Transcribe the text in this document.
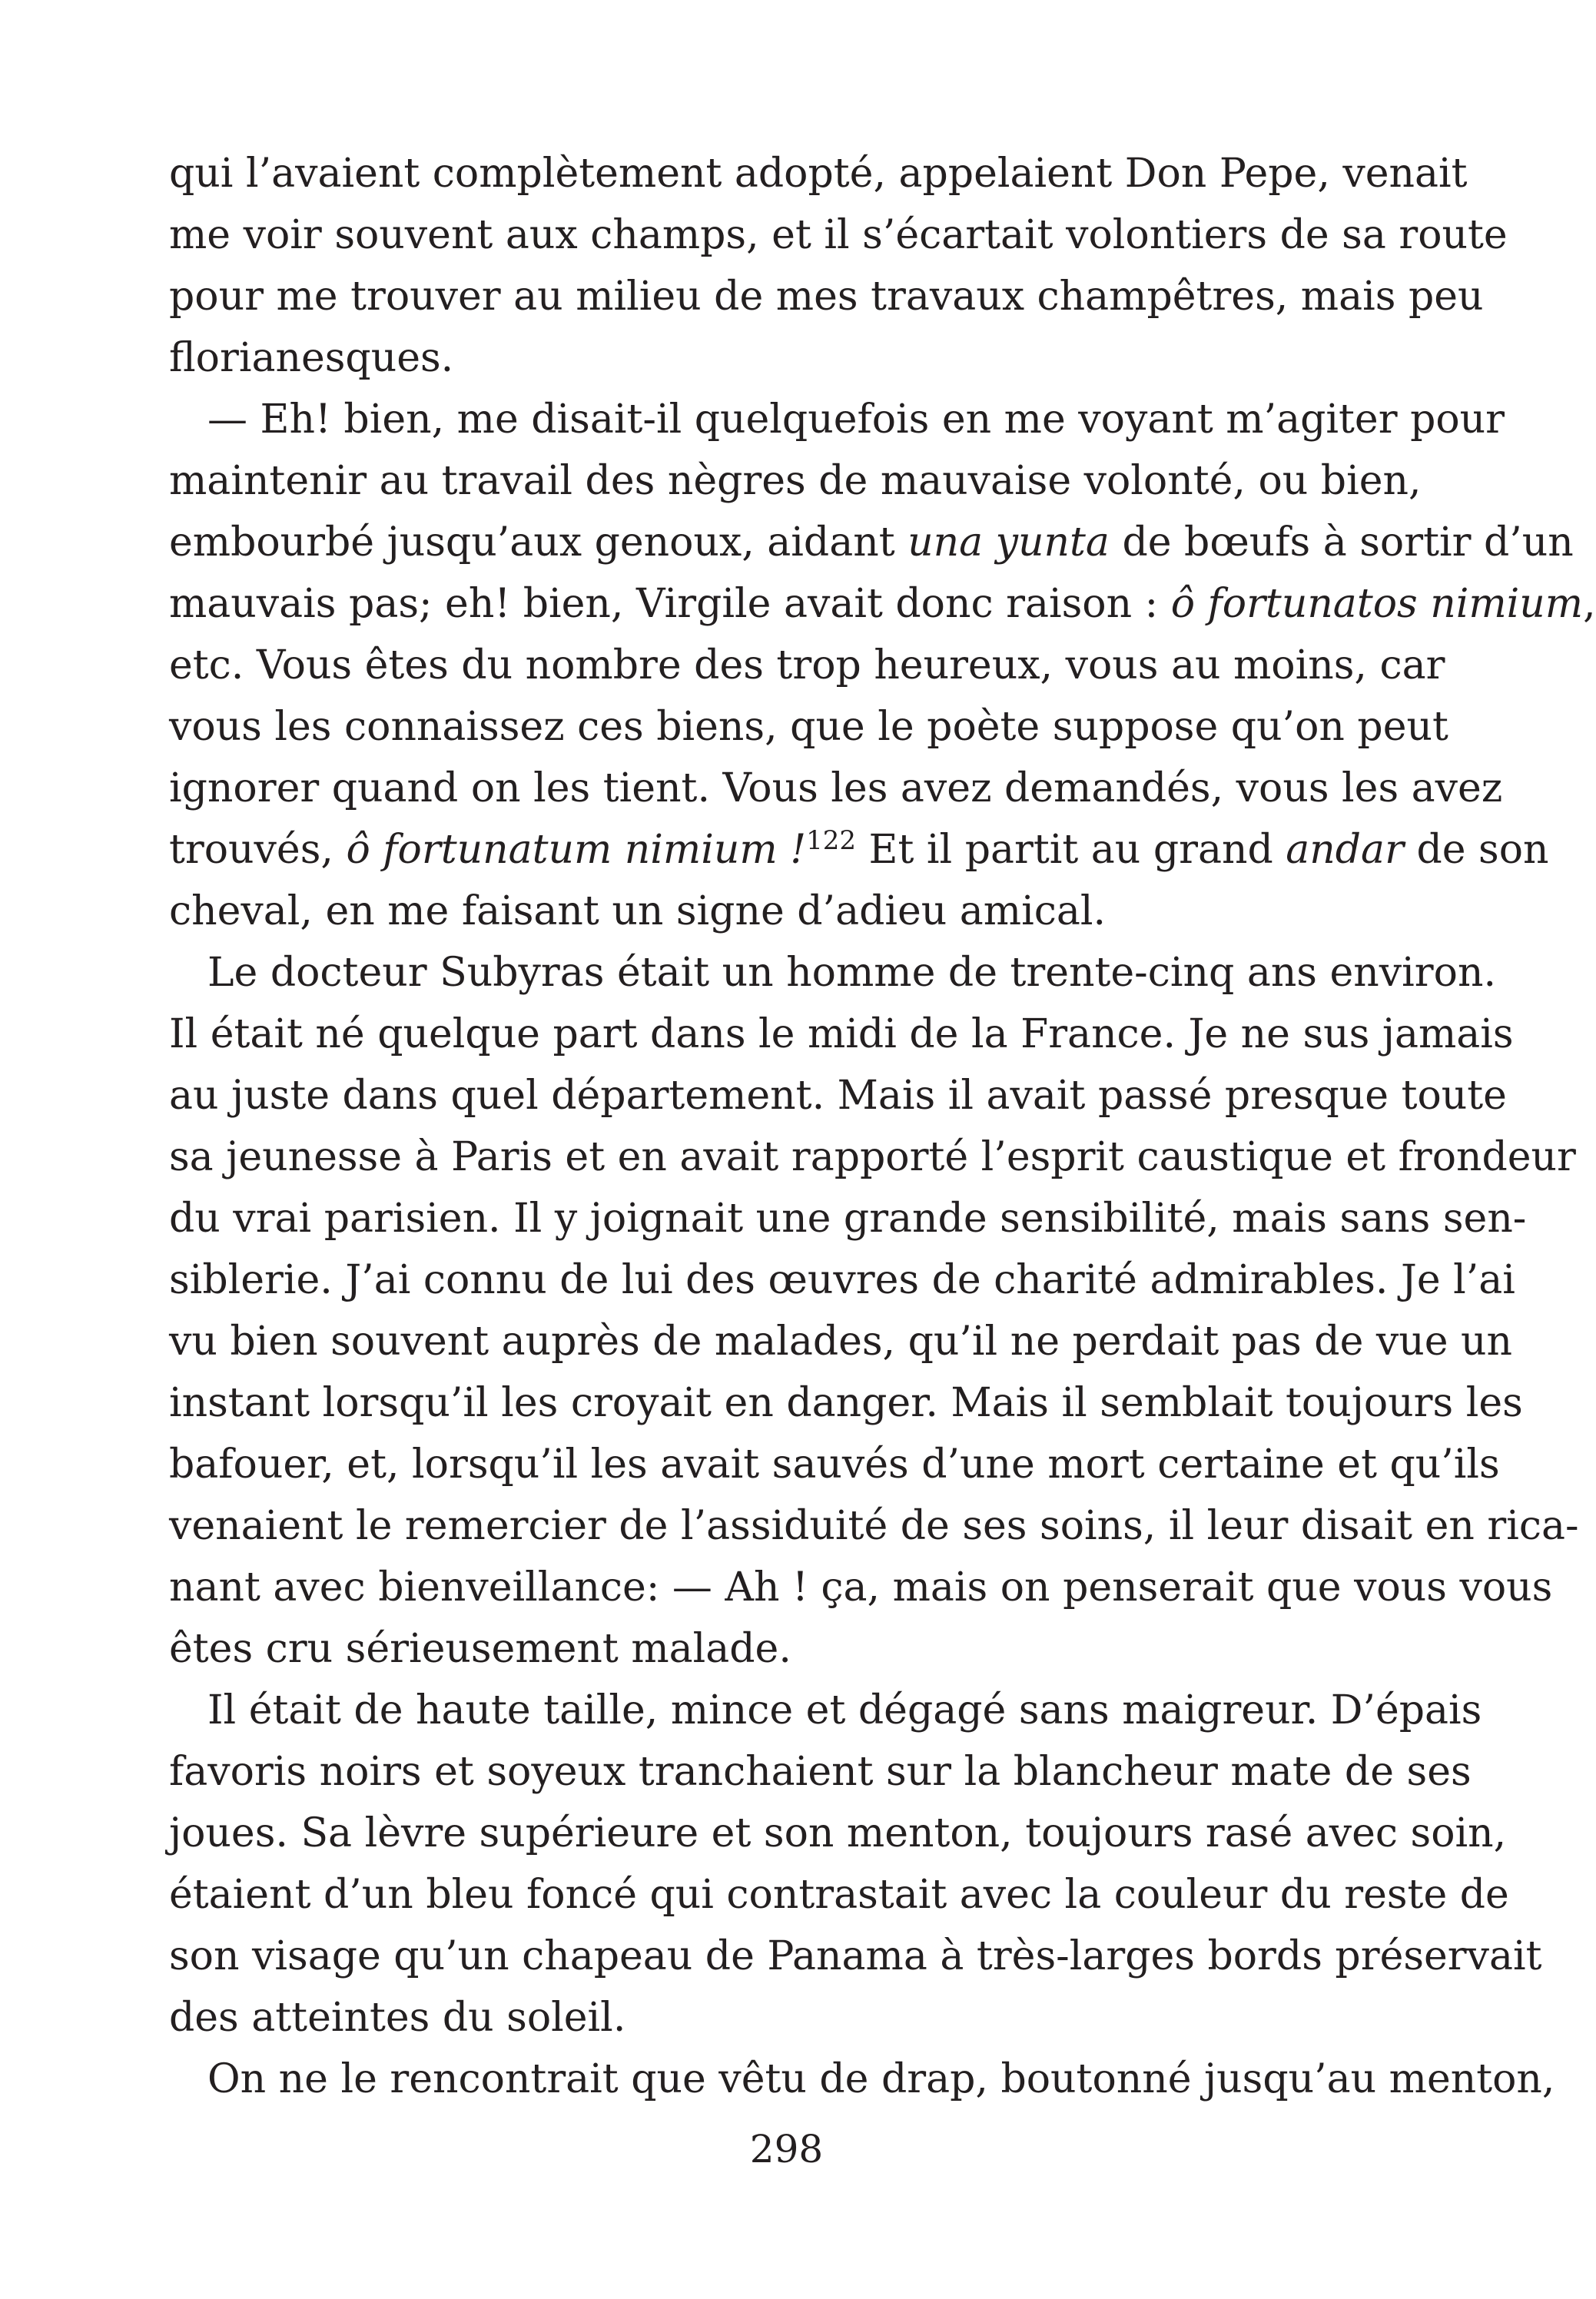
qui l’avaient complètement adopté, appelaient Don Pepe, venait
me voir souvent aux champs, et il s’écartait volontiers de sa route
pour me trouver au milieu de mes travaux champêtres, mais peu
florianesques.
— Eh! bien, me disait-il quelquefois en me voyant m’agiter pour
maintenir au travail des nègres de mauvaise volonté, ou bien,
embourbé jusqu’aux genoux, aidant una yunta de bœufs à sortir d’un
mauvais pas; eh! bien, Virgile avait donc raison : ô fortunatos nimium,
etc. Vous êtes du nombre des trop heureux, vous au moins, car
vous les connaissez ces biens, que le poète suppose qu’on peut
ignorer quand on les tient. Vous les avez demandés, vous les avez
trouvés, ô fortunatum nimium !$^{122}$ Et il partit au grand andar de son
cheval, en me faisant un signe d’adieu amical.
Le docteur Subyras était un homme de trente-cinq ans environ.
Il était né quelque part dans le midi de la France. Je ne sus jamais
au juste dans quel département. Mais il avait passé presque toute
sa jeunesse à Paris et en avait rapporté l’esprit caustique et frondeur
du vrai parisien. Il y joignait une grande sensibilité, mais sans sen-
siblerie. J’ai connu de lui des œuvres de charité admirables. Je l’ai
vu bien souvent auprès de malades, qu’il ne perdait pas de vue un
instant lorsqu’il les croyait en danger. Mais il semblait toujours les
bafouer, et, lorsqu’il les avait sauvés d’une mort certaine et qu’ils
venaient le remercier de l’assiduité de ses soins, il leur disait en rica-
nant avec bienveillance: — Ah ! ça, mais on penserait que vous vous
êtes cru sérieusement malade.
Il était de haute taille, mince et dégagé sans maigreur. D’épais
favoris noirs et soyeux tranchaient sur la blancheur mate de ses
joues. Sa lèvre supérieure et son menton, toujours rasé avec soin,
étaient d’un bleu foncé qui contrastait avec la couleur du reste de
son visage qu’un chapeau de Panama à très-larges bords préservait
des atteintes du soleil.
On ne le rencontrait que vêtu de drap, boutonné jusqu’au menton,
298
